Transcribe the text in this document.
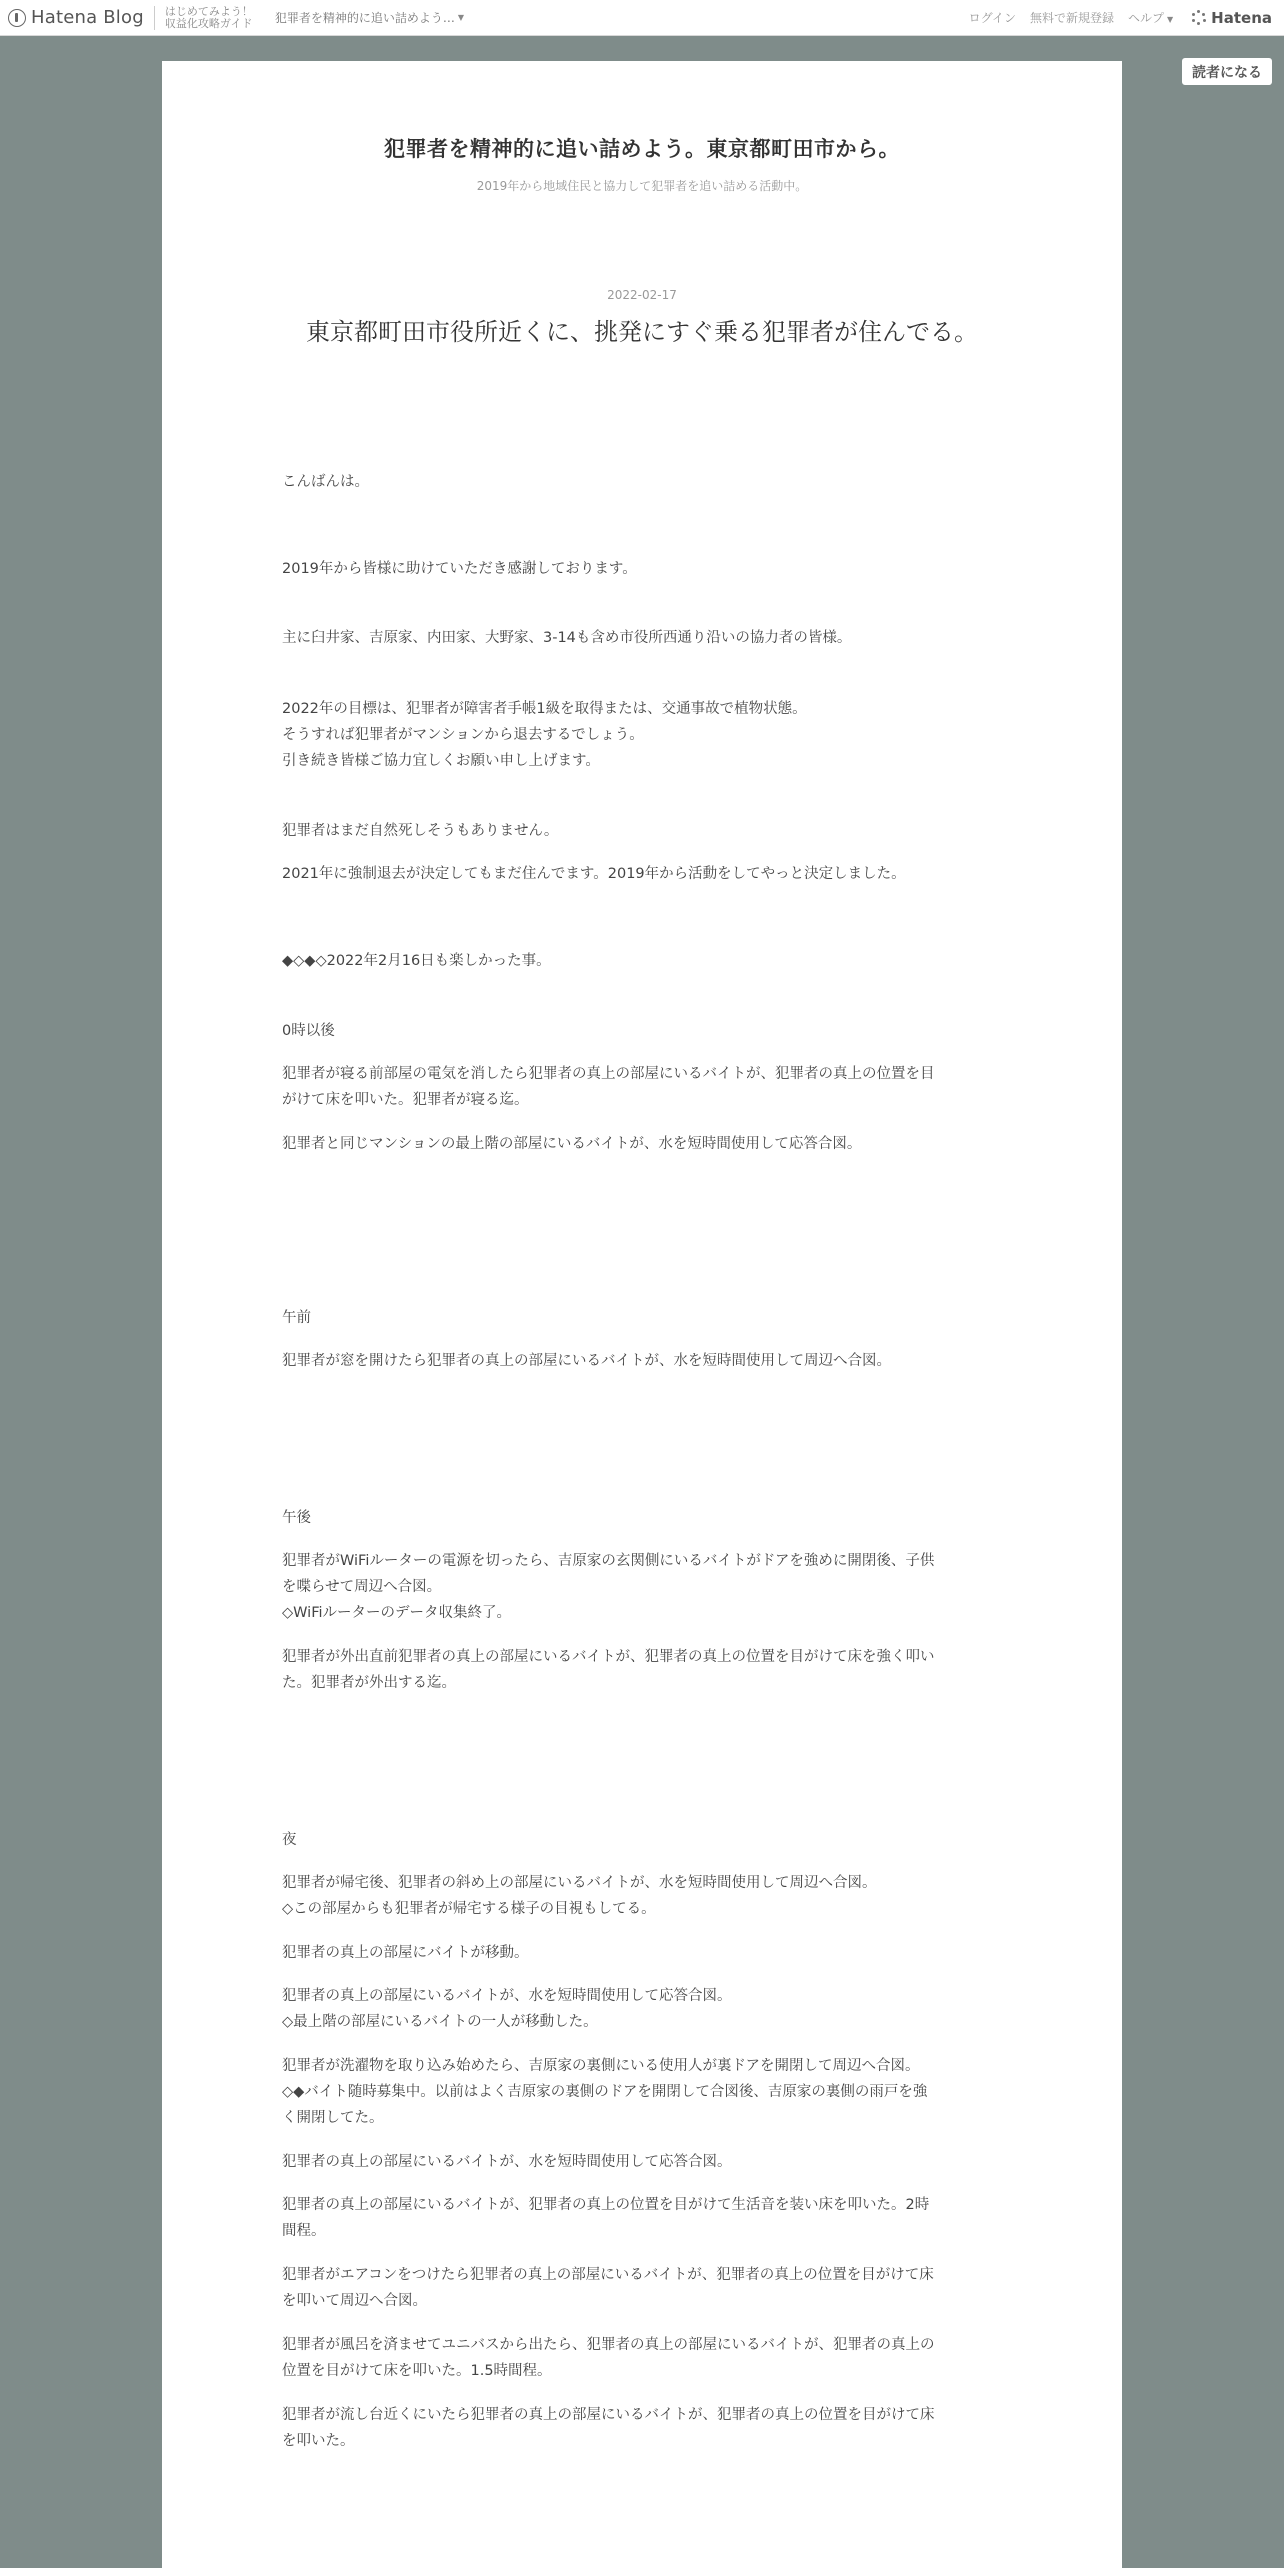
Hatena Blog はじめてみよう！
収益化攻略ガイド 犯罪者を精神的に追い詰めよう… ▼	ログイン 無料で新規登録 ヘルプ ▼	Hatena
読者になる
犯罪者を精神的に追い詰めよう。東京都町田市から。
2019年から地域住民と協力して犯罪者を追い詰める活動中。
2022-02-17
東京都町田市役所近くに、挑発にすぐ乗る犯罪者が住んでる。

こんばんは。

2019年から皆様に助けていただき感謝しております。

主に臼井家、吉原家、内田家、大野家、3-14も含め市役所西通り沿いの協力者の皆様。

2022年の目標は、犯罪者が障害者手帳1級を取得または、交通事故で植物状態。
そうすれば犯罪者がマンションから退去するでしょう。
引き続き皆様ご協力宜しくお願い申し上げます。

犯罪者はまだ自然死しそうもありません。

2021年に強制退去が決定してもまだ住んでます。2019年から活動をしてやっと決定しました。

◆◇◆◇2022年2月16日も楽しかった事。

0時以後

犯罪者が寝る前部屋の電気を消したら犯罪者の真上の部屋にいるバイトが、犯罪者の真上の位置を目
がけて床を叩いた。犯罪者が寝る迄。

犯罪者と同じマンションの最上階の部屋にいるバイトが、水を短時間使用して応答合図。

午前

犯罪者が窓を開けたら犯罪者の真上の部屋にいるバイトが、水を短時間使用して周辺へ合図。

午後

犯罪者がWiFiルーターの電源を切ったら、吉原家の玄関側にいるバイトがドアを強めに開閉後、子供
を喋らせて周辺へ合図。
◇WiFiルーターのデータ収集終了。

犯罪者が外出直前犯罪者の真上の部屋にいるバイトが、犯罪者の真上の位置を目がけて床を強く叩い
た。犯罪者が外出する迄。

夜

犯罪者が帰宅後、犯罪者の斜め上の部屋にいるバイトが、水を短時間使用して周辺へ合図。
◇この部屋からも犯罪者が帰宅する様子の目視もしてる。

犯罪者の真上の部屋にバイトが移動。

犯罪者の真上の部屋にいるバイトが、水を短時間使用して応答合図。
◇最上階の部屋にいるバイトの一人が移動した。

犯罪者が洗濯物を取り込み始めたら、吉原家の裏側にいる使用人が裏ドアを開閉して周辺へ合図。
◇◆バイト随時募集中。以前はよく吉原家の裏側のドアを開閉して合図後、吉原家の裏側の雨戸を強
く開閉してた。

犯罪者の真上の部屋にいるバイトが、水を短時間使用して応答合図。

犯罪者の真上の部屋にいるバイトが、犯罪者の真上の位置を目がけて生活音を装い床を叩いた。2時
間程。

犯罪者がエアコンをつけたら犯罪者の真上の部屋にいるバイトが、犯罪者の真上の位置を目がけて床
を叩いて周辺へ合図。

犯罪者が風呂を済ませてユニバスから出たら、犯罪者の真上の部屋にいるバイトが、犯罪者の真上の
位置を目がけて床を叩いた。1.5時間程。

犯罪者が流し台近くにいたら犯罪者の真上の部屋にいるバイトが、犯罪者の真上の位置を目がけて床
を叩いた。
